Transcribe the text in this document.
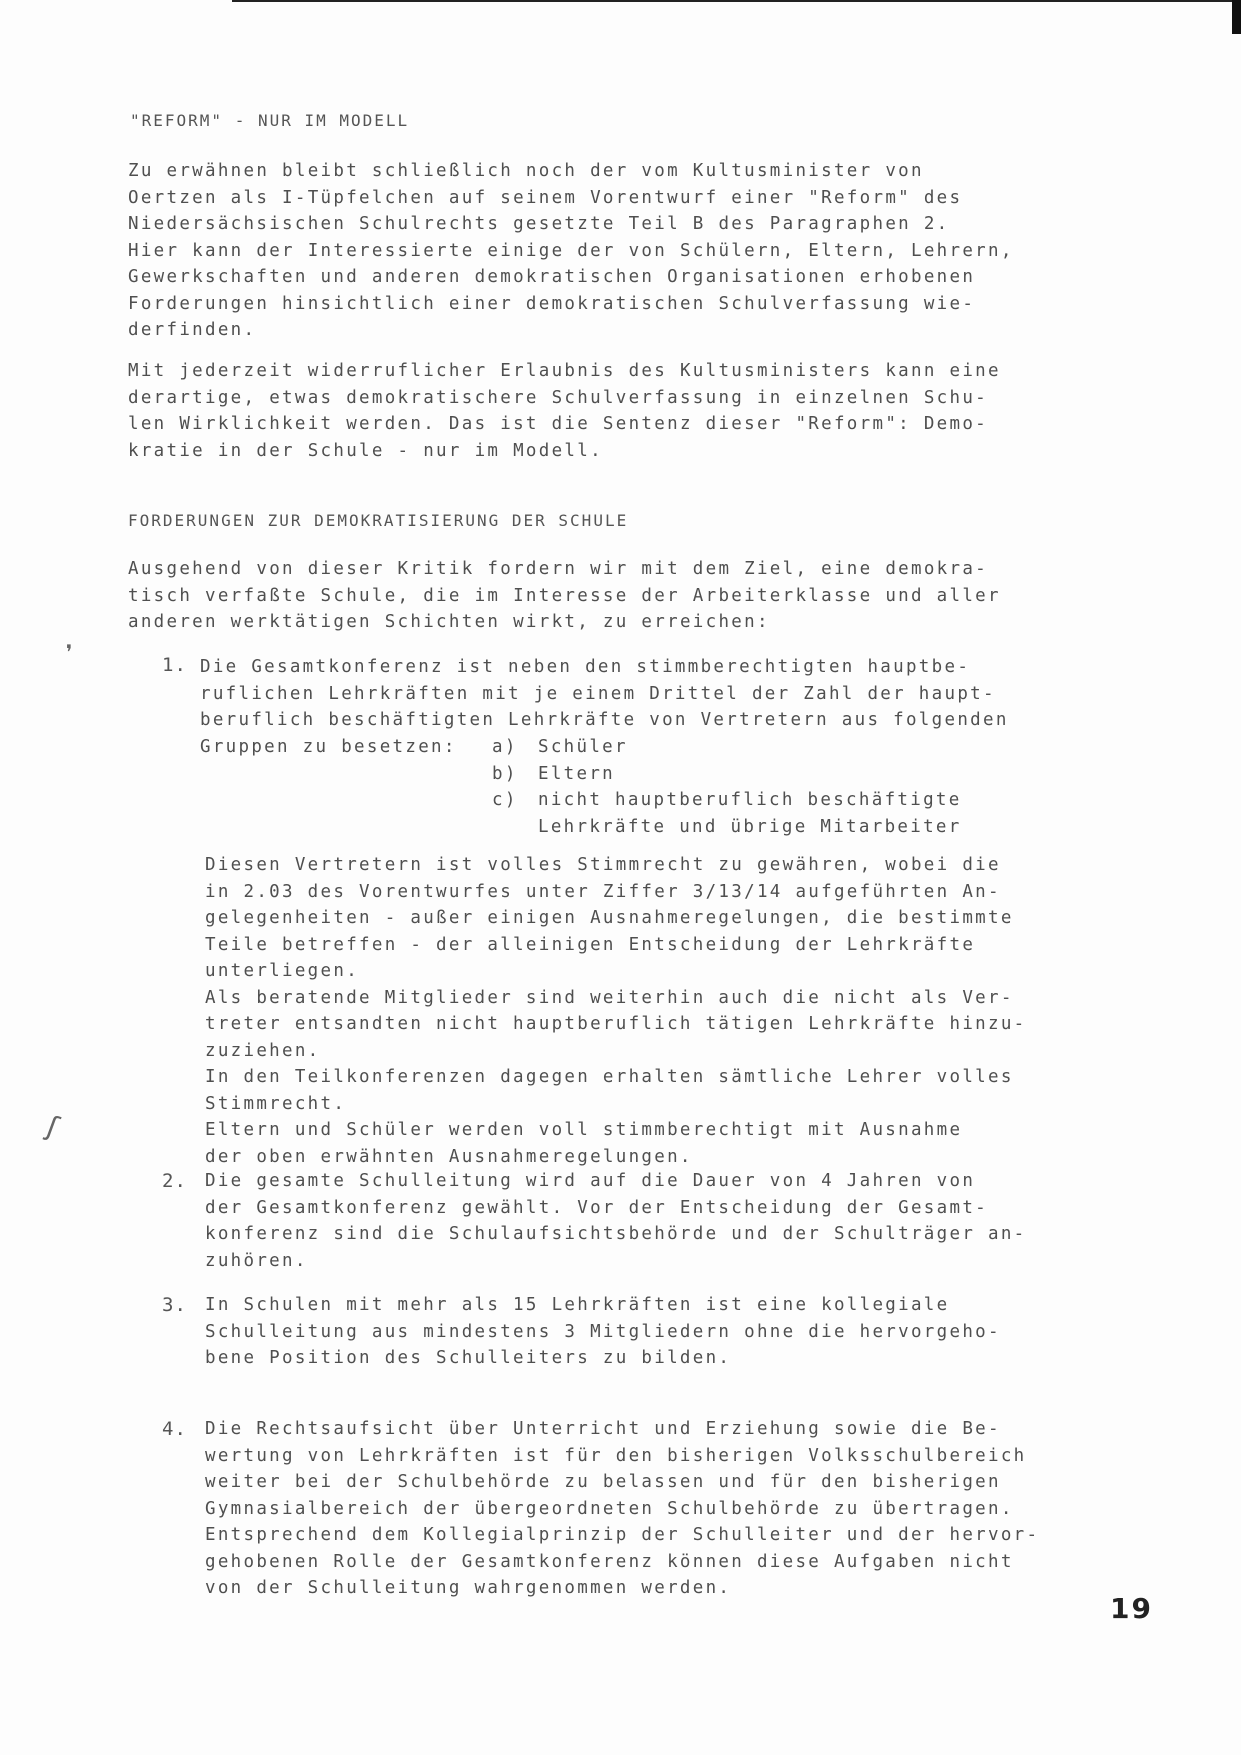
"REFORM" - NUR IM MODELL
Zu erwähnen bleibt schließlich noch der vom Kultusminister von
Oertzen als I-Tüpfelchen auf seinem Vorentwurf einer "Reform" des
Niedersächsischen Schulrechts gesetzte Teil B des Paragraphen 2.
Hier kann der Interessierte einige der von Schülern, Eltern, Lehrern,
Gewerkschaften und anderen demokratischen Organisationen erhobenen
Forderungen hinsichtlich einer demokratischen Schulverfassung wie-
derfinden.
Mit jederzeit widerruflicher Erlaubnis des Kultusministers kann eine
derartige, etwas demokratischere Schulverfassung in einzelnen Schu-
len Wirklichkeit werden. Das ist die Sentenz dieser "Reform": Demo-
kratie in der Schule - nur im Modell.
FORDERUNGEN ZUR DEMOKRATISIERUNG DER SCHULE
Ausgehend von dieser Kritik fordern wir mit dem Ziel, eine demokra-
tisch verfaßte Schule, die im Interesse der Arbeiterklasse und aller
anderen werktätigen Schichten wirkt, zu erreichen:
1. Die Gesamtkonferenz ist neben den stimmberechtigten hauptbe-
ruflichen Lehrkräften mit je einem Drittel der Zahl der haupt-
beruflich beschäftigten Lehrkräfte von Vertretern aus folgenden
Gruppen zu besetzen:	a)	Schüler
b)	Eltern
c)	nicht hauptberuflich beschäftigte
Lehrkräfte und übrige Mitarbeiter
Diesen Vertretern ist volles Stimmrecht zu gewähren, wobei die
in 2.03 des Vorentwurfes unter Ziffer 3/13/14 aufgeführten An-
gelegenheiten - außer einigen Ausnahmeregelungen, die bestimmte
Teile betreffen - der alleinigen Entscheidung der Lehrkräfte
unterliegen.
Als beratende Mitglieder sind weiterhin auch die nicht als Ver-
treter entsandten nicht hauptberuflich tätigen Lehrkräfte hinzu-
zuziehen.
In den Teilkonferenzen dagegen erhalten sämtliche Lehrer volles
Stimmrecht.
Eltern und Schüler werden voll stimmberechtigt mit Ausnahme
der oben erwähnten Ausnahmeregelungen.
2. Die gesamte Schulleitung wird auf die Dauer von 4 Jahren von
der Gesamtkonferenz gewählt. Vor der Entscheidung der Gesamt-
konferenz sind die Schulaufsichtsbehörde und der Schulträger an-
zuhören.
3. In Schulen mit mehr als 15 Lehrkräften ist eine kollegiale
Schulleitung aus mindestens 3 Mitgliedern ohne die hervorgeho-
bene Position des Schulleiters zu bilden.
4. Die Rechtsaufsicht über Unterricht und Erziehung sowie die Be-
wertung von Lehrkräften ist für den bisherigen Volksschulbereich
weiter bei der Schulbehörde zu belassen und für den bisherigen
Gymnasialbereich der übergeordneten Schulbehörde zu übertragen.
Entsprechend dem Kollegialprinzip der Schulleiter und der hervor-
gehobenen Rolle der Gesamtkonferenz können diese Aufgaben nicht
von der Schulleitung wahrgenommen werden.
19
❜
ʃ
